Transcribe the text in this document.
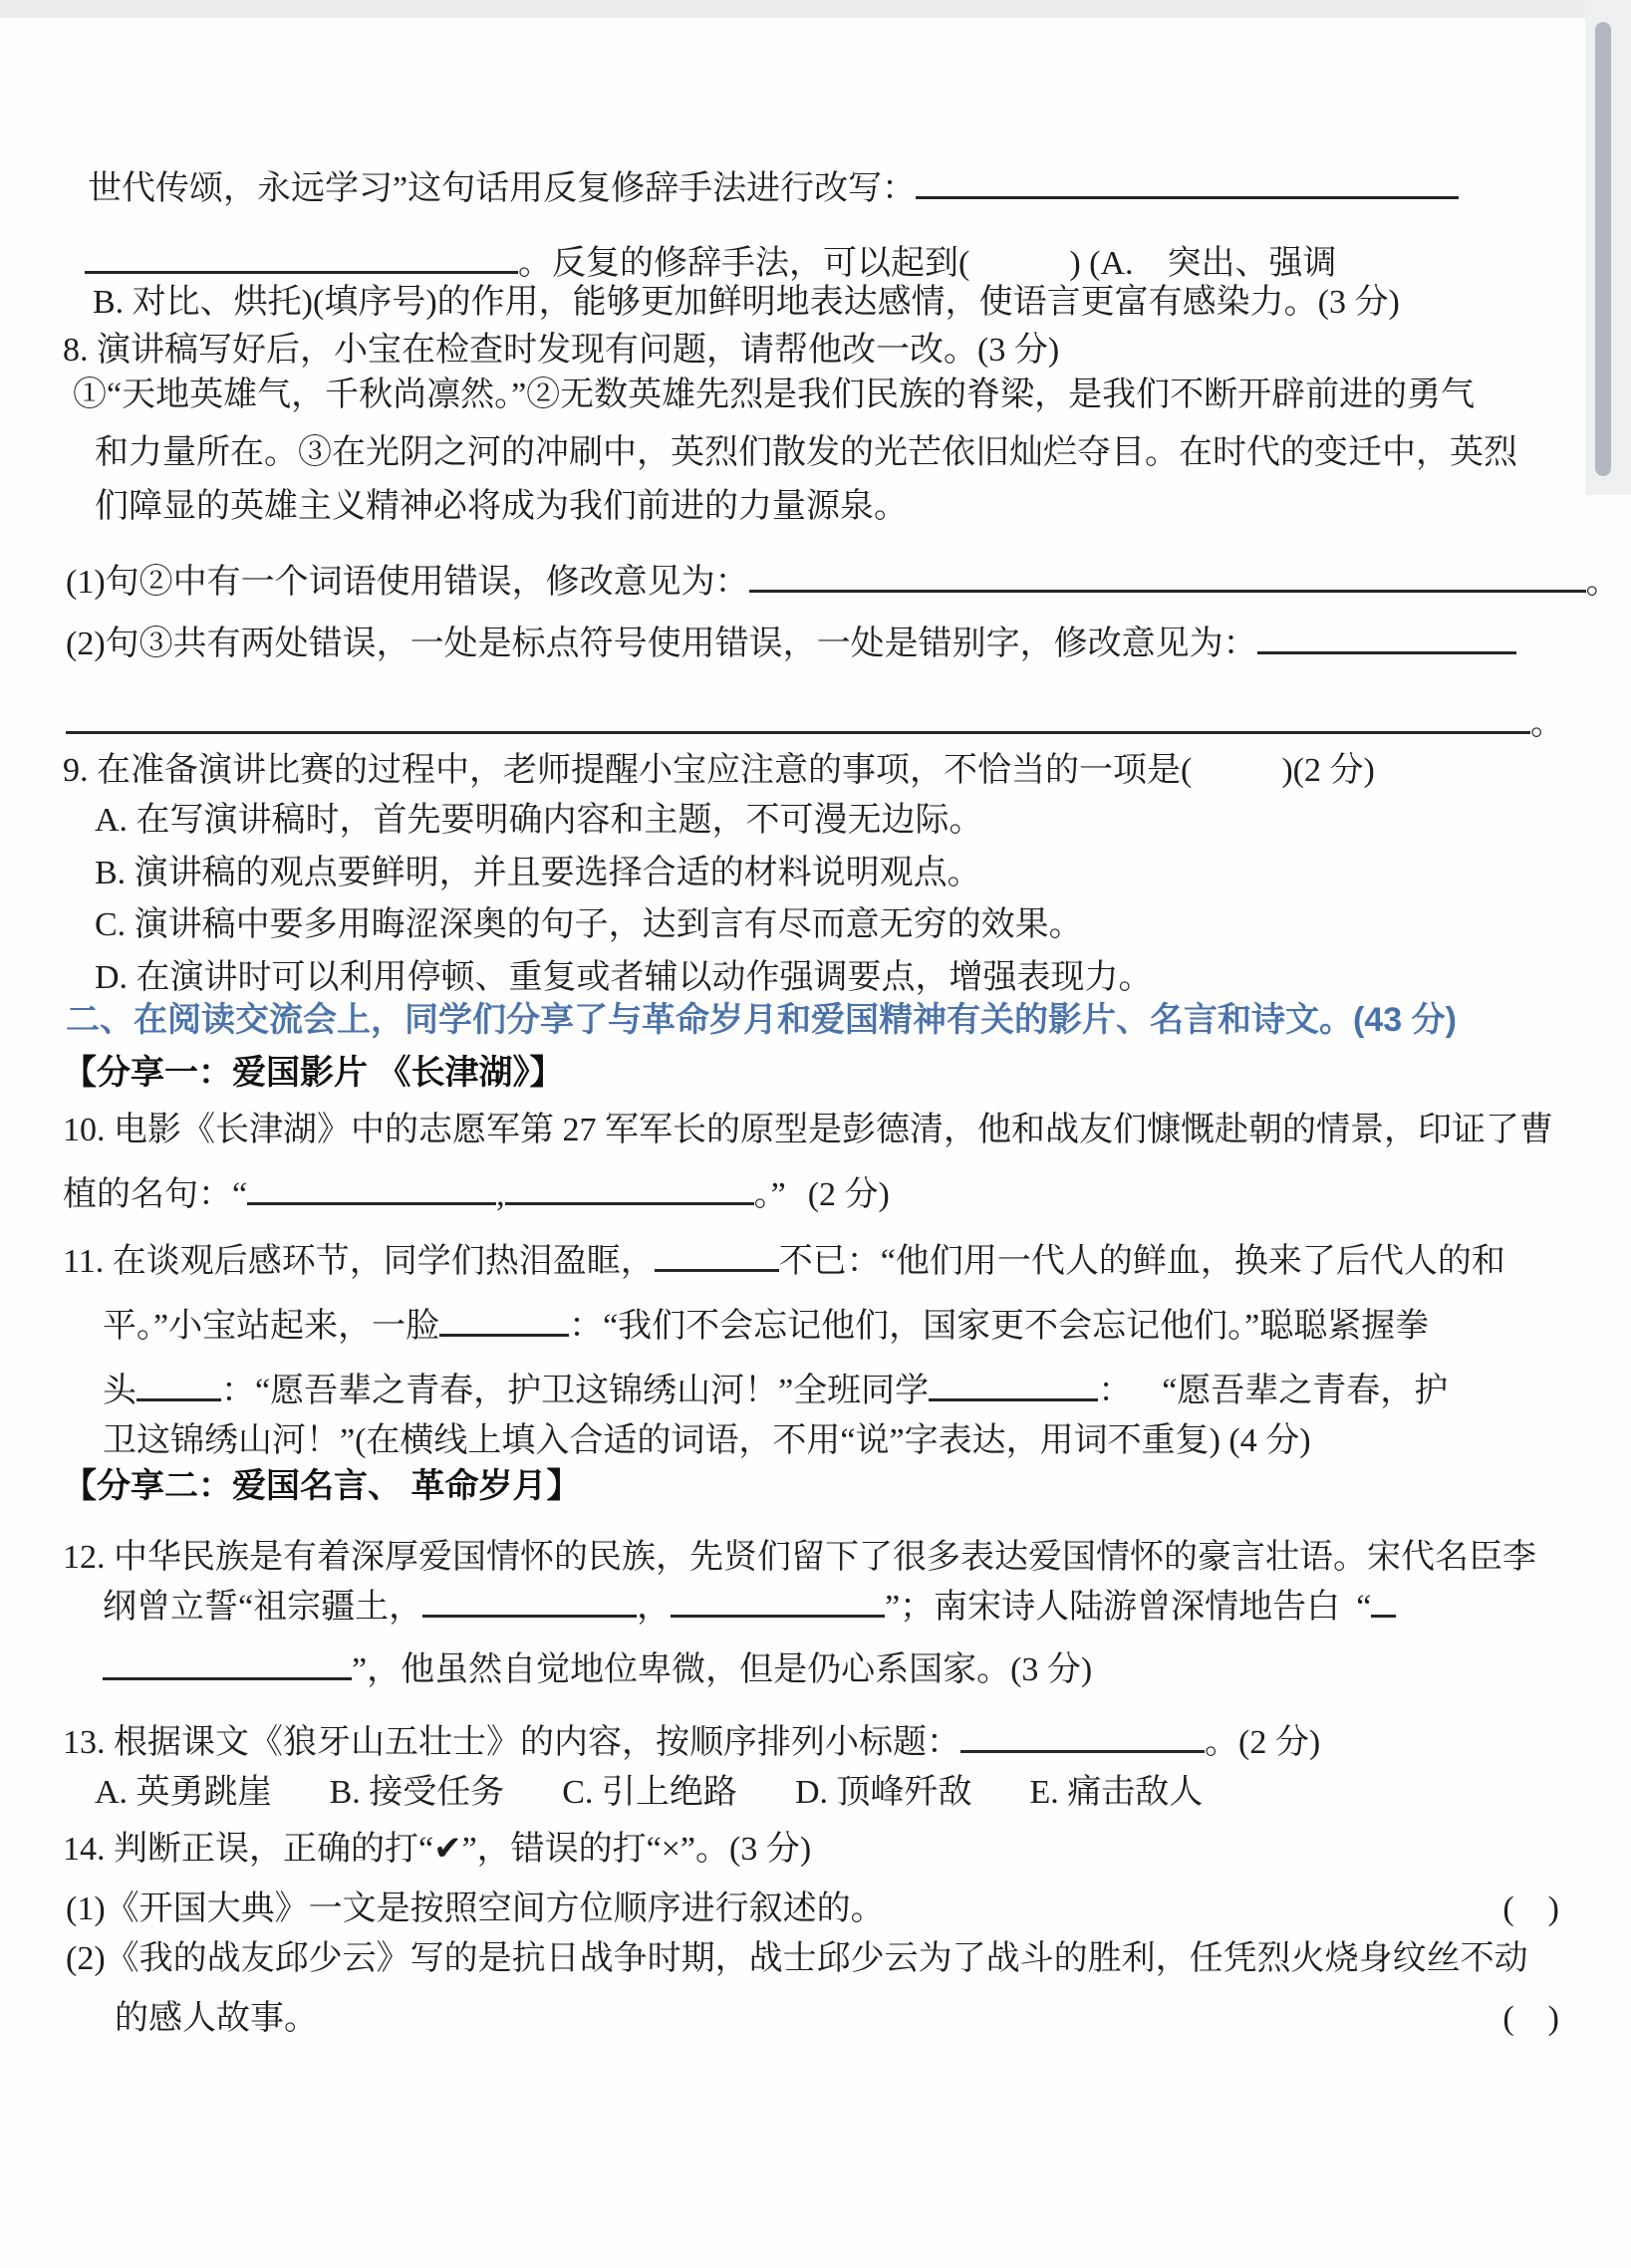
世代传颂，永远学习”这句话用反复修辞手法进行改写：
。反复的修辞手法，可以起到(	) (A.　突出、强调
B. 对比、烘托)(填序号)的作用，能够更加鲜明地表达感情，使语言更富有感染力。(3 分)
8. 演讲稿写好后，小宝在检查时发现有问题，请帮他改一改。(3 分)
①“天地英雄气，千秋尚凛然。”②无数英雄先烈是我们民族的脊梁，是我们不断开辟前进的勇气
和力量所在。③在光阴之河的冲刷中，英烈们散发的光芒依旧灿烂夺目。在时代的变迁中，英烈
们障显的英雄主义精神必将成为我们前进的力量源泉。
(1)句②中有一个词语使用错误，修改意见为：	。
(2)句③共有两处错误，一处是标点符号使用错误，一处是错别字，修改意见为：
。
9. 在准备演讲比赛的过程中，老师提醒小宝应注意的事项，不恰当的一项是(	)(2 分)
A. 在写演讲稿时，首先要明确内容和主题，不可漫无边际。
B. 演讲稿的观点要鲜明，并且要选择合适的材料说明观点。
C. 演讲稿中要多用晦涩深奥的句子，达到言有尽而意无穷的效果。
D. 在演讲时可以利用停顿、重复或者辅以动作强调要点，增强表现力。
二、在阅读交流会上，同学们分享了与革命岁月和爱国精神有关的影片、名言和诗文。(43 分)
【分享一：爱国影片 《长津湖》】
10. 电影《长津湖》中的志愿军第 27 军军长的原型是彭德清，他和战友们慷慨赴朝的情景，印证了曹
植的名句：“	,	。” (2 分)
11. 在谈观后感环节，同学们热泪盈眶，	不已：“他们用一代人的鲜血，换来了后代人的和
平。”小宝站起来，一脸	：“我们不会忘记他们，国家更不会忘记他们。”聪聪紧握拳
头	：“愿吾辈之青春，护卫这锦绣山河！”全班同学	： “愿吾辈之青春，护
卫这锦绣山河！”(在横线上填入合适的词语，不用“说”字表达，用词不重复) (4 分)
【分享二：爱国名言、 革命岁月】
12. 中华民族是有着深厚爱国情怀的民族，先贤们留下了很多表达爱国情怀的豪言壮语。宋代名臣李
纲曾立誓“祖宗疆土，	，	”；南宋诗人陆游曾深情地告白 “
”，他虽然自觉地位卑微，但是仍心系国家。(3 分)
13. 根据课文《狼牙山五壮士》的内容，按顺序排列小标题：	。(2 分)
A. 英勇跳崖 B. 接受任务 C. 引上绝路 D. 顶峰歼敌 E. 痛击敌人
14. 判断正误，正确的打“✔”，错误的打“×”。(3 分)
(1)《开国大典》一文是按照空间方位顺序进行叙述的。	(　)
(2)《我的战友邱少云》写的是抗日战争时期，战士邱少云为了战斗的胜利，任凭烈火烧身纹丝不动
的感人故事。	(　)
